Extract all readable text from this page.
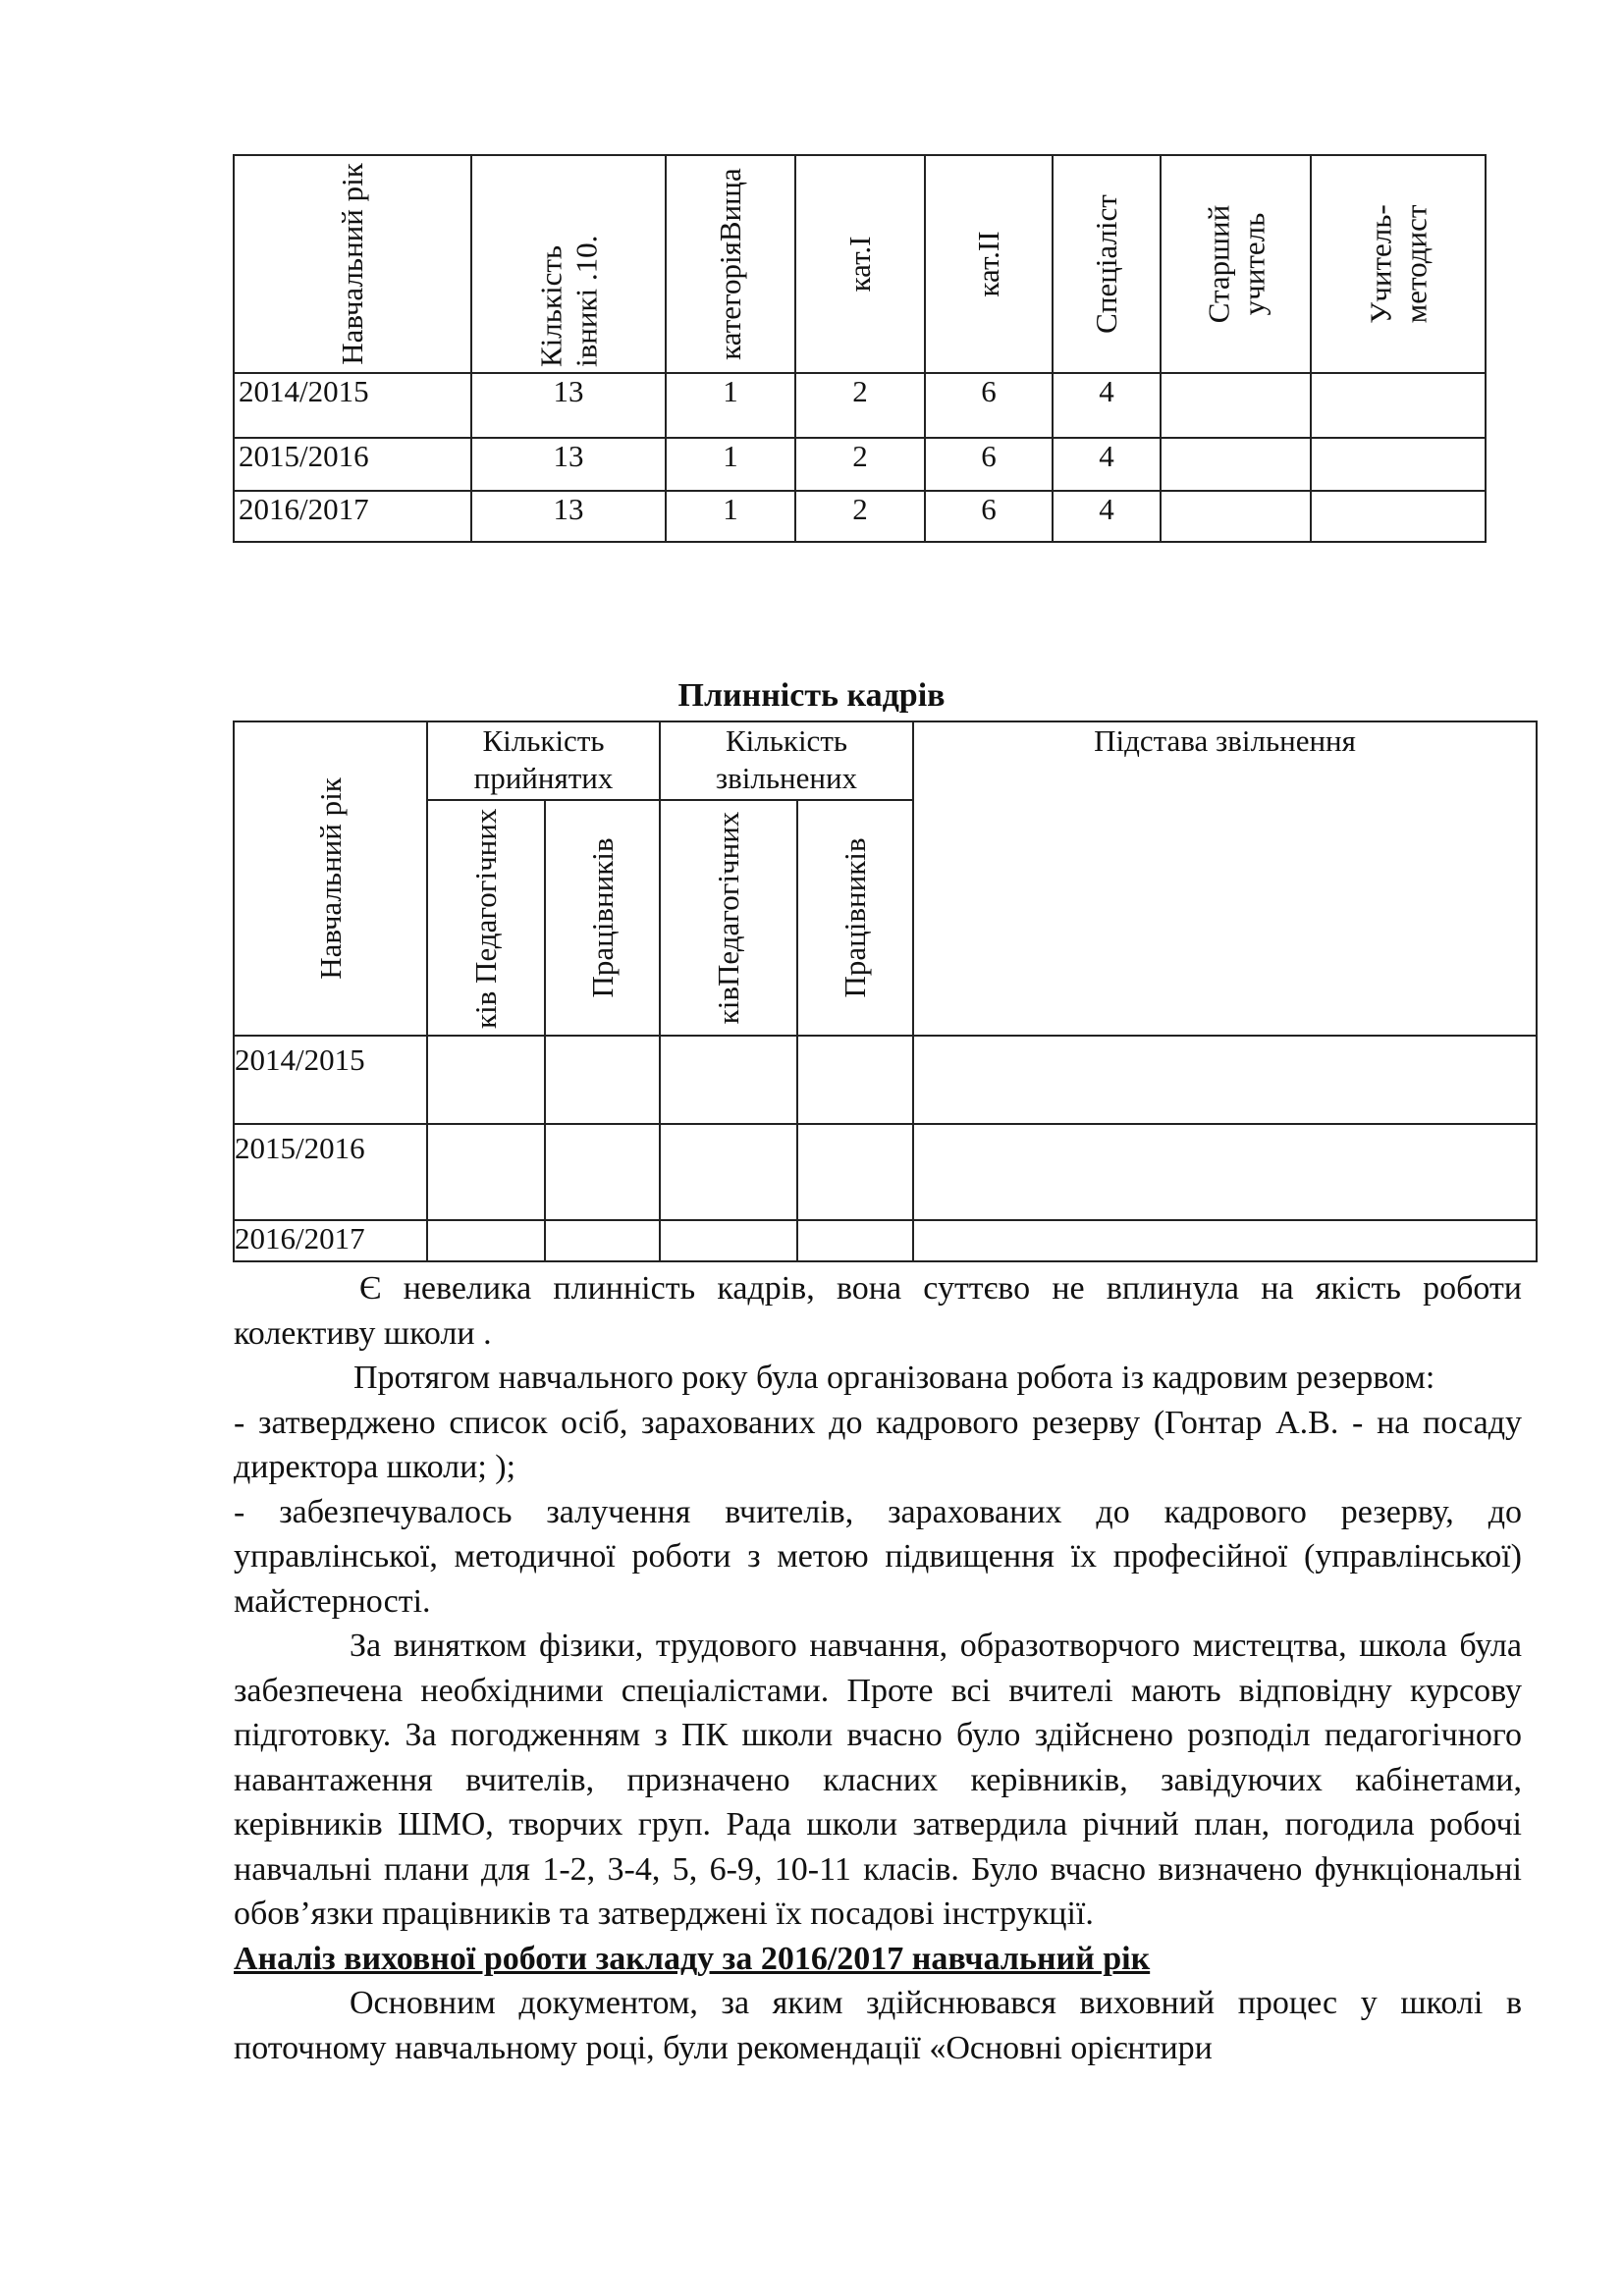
Навчальний рік	Кількість івникі .10.	категоріяВища	кат.І	кат.ІІ	Спеціаліст	Старший учитель	Учитель-методист

2014/2015	13	1	2	6	4		
2015/2016	13	1	2	6	4		
2016/2017	13	1	2	6	4		
Плинність кадрів
Навчальний рік	Кількість прийнятих		Кількість звільнених		Підстава звільнення

	ків Педагогічних	Працівників	ківПедагогічних	Працівників	

2014/2015					
2015/2016					
2016/2017					

Є невелика плинність кадрів, вона суттєво не вплинула на якість роботи колективу школи .

Протягом навчального року була організована робота із кадровим резервом:

- затверджено список осіб, зарахованих до кадрового резерву (Гонтар А.В. - на посаду директора школи; );

- забезпечувалось залучення вчителів, зарахованих до кадрового резерву, до управлінської, методичної роботи з метою підвищення їх професійної (управлінської) майстерності.

За винятком фізики, трудового навчання, образотворчого мистецтва, школа була забезпечена необхідними спеціалістами. Проте всі вчителі мають відповідну курсову підготовку. За погодженням з ПК школи вчасно було здійснено розподіл педагогічного навантаження вчителів, призначено класних керівників, завідуючих кабінетами, керівників ШМО, творчих груп. Рада школи затвердила річний план, погодила робочі навчальні плани для 1-2, 3-4, 5, 6-9, 10-11 класів. Було вчасно визначено функціональні обов’язки працівників та затверджені їх посадові інструкції.

Аналіз виховної роботи закладу за 2016/2017 навчальний рік

Основним документом, за яким здійснювався виховний процес у школі в поточному навчальному році, були рекомендації «Основні орієнтири
